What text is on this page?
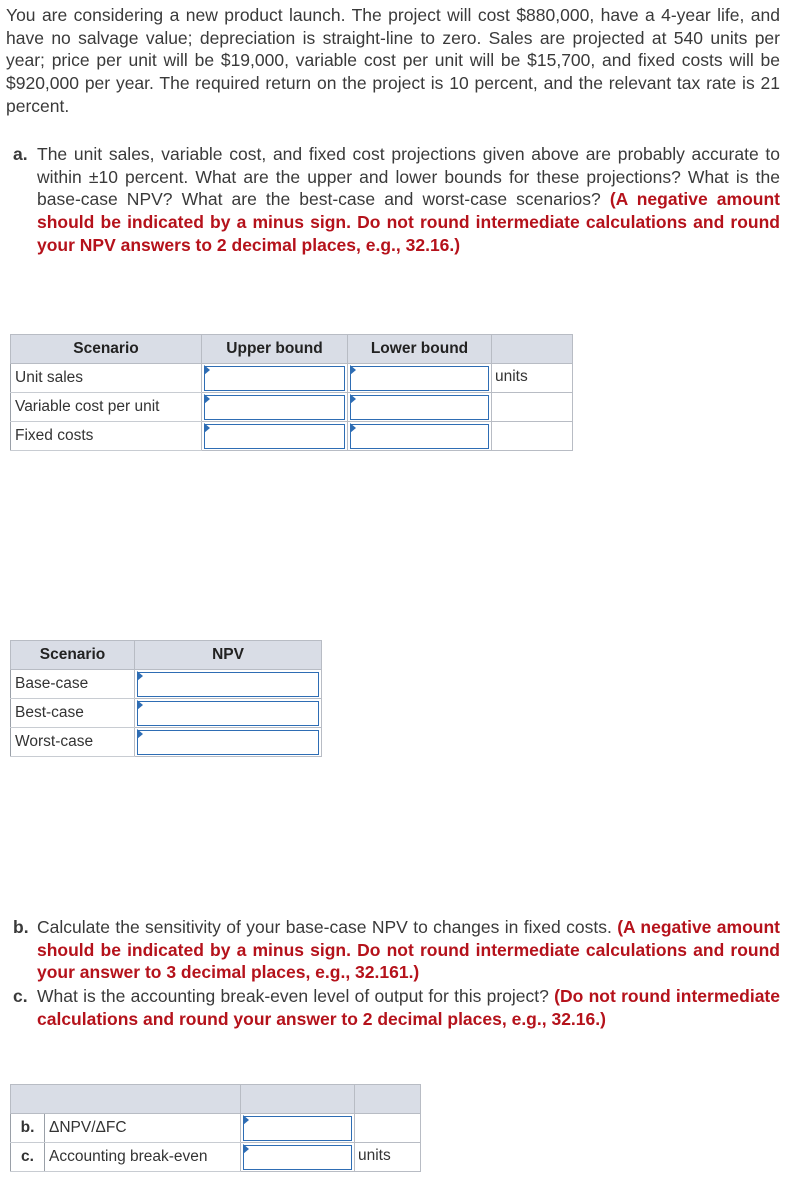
You are considering a new product launch. The project will cost $880,000, have a 4-year life, and have no salvage value; depreciation is straight-line to zero. Sales are projected at 540 units per year; price per unit will be $19,000, variable cost per unit will be $15,700, and fixed costs will be $920,000 per year. The required return on the project is 10 percent, and the relevant tax rate is 21 percent.

a. The unit sales, variable cost, and fixed cost projections given above are probably accurate to within ±10 percent. What are the upper and lower bounds for these projections? What is the base-case NPV? What are the best-case and worst-case scenarios? (A negative amount should be indicated by a minus sign. Do not round intermediate calculations and round your NPV answers to 2 decimal places, e.g., 32.16.)
Scenario	Upper bound	Lower bound	
Unit sales			units
Variable cost per unit	

Fixed costs	

Scenario	NPV
Base-case	

Best-case	

Worst-case	
b. Calculate the sensitivity of your base-case NPV to changes in fixed costs. (A negative amount should be indicated by a minus sign. Do not round intermediate calculations and round your answer to 3 decimal places, e.g., 32.161.)
c. What is the accounting break-even level of output for this project? (Do not round intermediate calculations and round your answer to 2 decimal places, e.g., 32.16.)

b.	ΔNPV/ΔFC	

c.	Accounting break-even		units
